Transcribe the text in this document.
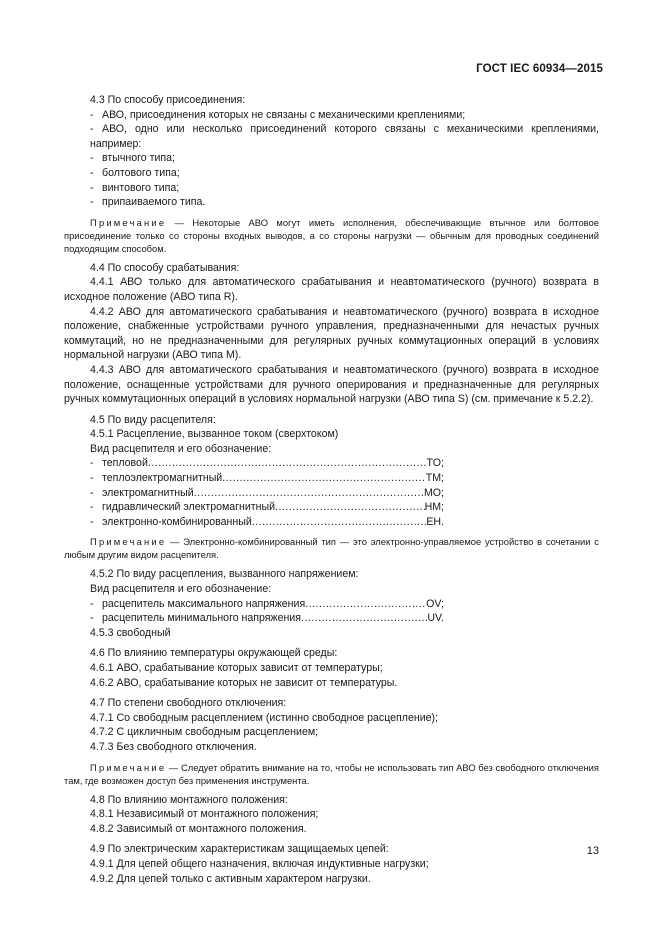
ГОСТ IEC 60934—2015

4.3 По способу присоединения:

- АВО, присоединения которых не связаны с механическими креплениями;

- АВО, одно или несколько присоединений которого связаны с механическими креплениями, например:

- втычного типа;

- болтового типа;

- винтового типа;

- припаиваемого типа.

Примечание — Некоторые АВО могут иметь исполнения, обеспечивающие втычное или болтовое присоединение только со стороны входных выводов, а со стороны нагрузки — обычным для проводных соединений подходящим способом.

4.4 По способу срабатывания:

4.4.1 АВО только для автоматического срабатывания и неавтоматического (ручного) возврата в исходное положение (АВО типа R).

4.4.2 АВО для автоматического срабатывания и неавтоматического (ручного) возврата в исходное положение, снабженные устройствами ручного управления, предназначенными для нечастых ручных коммутаций, но не предназначенными для регулярных ручных коммутационных операций в условиях нормальной нагрузки (АВО типа М).

4.4.3 АВО для автоматического срабатывания и неавтоматического (ручного) возврата в исходное положение, оснащенные устройствами для ручного оперирования и предназначенные для регулярных ручных коммутационных операций в условиях нормальной нагрузки (АВО типа S) (см. примечание к 5.2.2).

4.5 По виду расцепителя:

4.5.1 Расцепление, вызванное током (сверхтоком)

Вид расцепителя и его обозначение:

- тепловой .....	TO;
- теплоэлектромагнитный .....	TM;
- электромагнитный .....	MO;
- гидравлический электромагнитный .....	HM;
- электронно-комбинированный .....	EH.

Примечание — Электронно-комбинированный тип — это электронно-управляемое устройство в сочетании с любым другим видом расцепителя.

4.5.2 По виду расцепления, вызванного напряжением:

Вид расцепителя и его обозначение:

- расцепитель максимального напряжения .....	OV;
- расцепитель минимального напряжения .....	UV.

4.5.3 свободный

4.6 По влиянию температуры окружающей среды:

4.6.1 АВО, срабатывание которых зависит от температуры;

4.6.2 АВО, срабатывание которых не зависит от температуры.

4.7 По степени свободного отключения:

4.7.1 Со свободным расцеплением (истинно свободное расцепление);

4.7.2 С цикличным свободным расцеплением;

4.7.3 Без свободного отключения.

Примечание — Следует обратить внимание на то, чтобы не использовать тип АВО без свободного отключения там, где возможен доступ без применения инструмента.

4.8 По влиянию монтажного положения:

4.8.1 Независимый от монтажного положения;

4.8.2 Зависимый от монтажного положения.

4.9 По электрическим характеристикам защищаемых цепей:

4.9.1 Для цепей общего назначения, включая индуктивные нагрузки;

4.9.2 Для цепей только с активным характером нагрузки.

13
